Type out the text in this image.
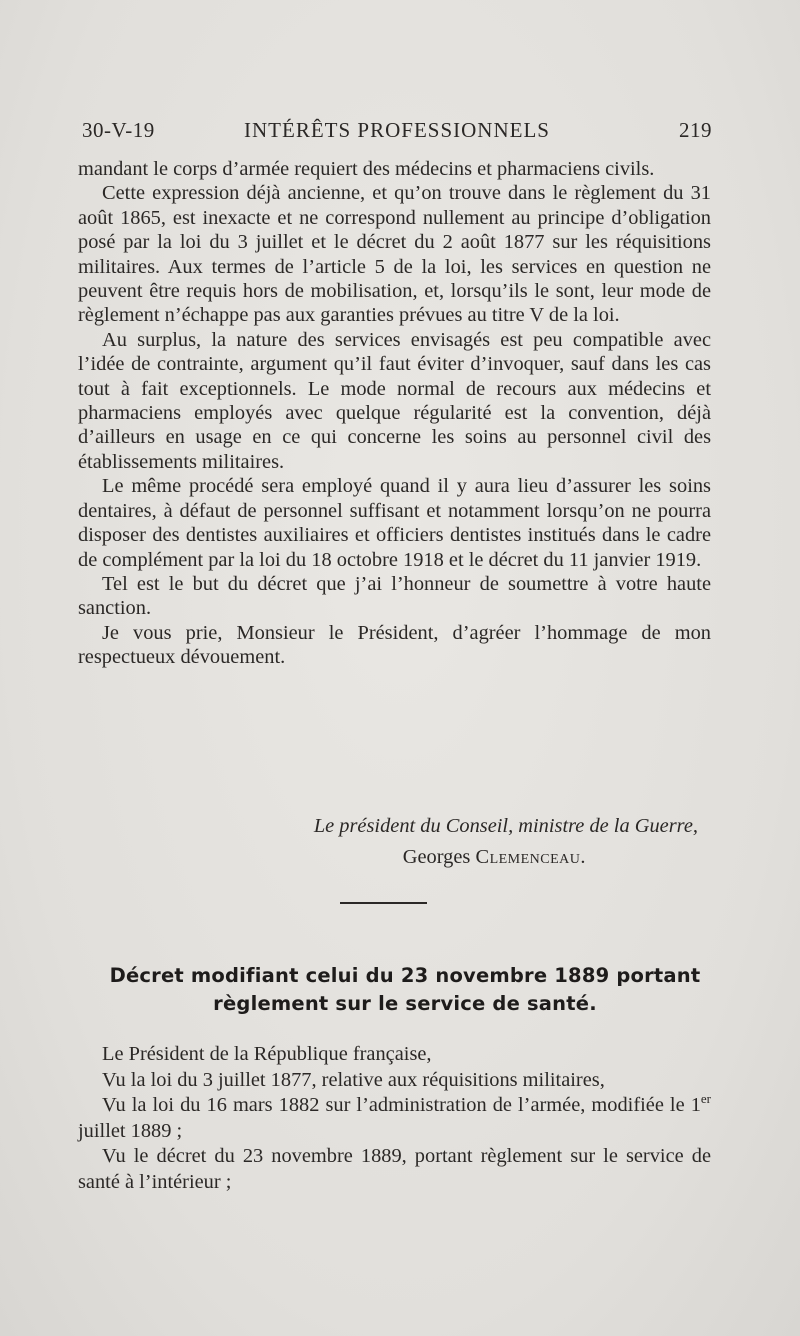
30-V-19	INTÉRÊTS PROFESSIONNELS	219

mandant le corps d’armée requiert des médecins et pharmaciens civils.

Cette expression déjà ancienne, et qu’on trouve dans le règlement du 31 août 1865, est inexacte et ne correspond nullement au principe d’obligation posé par la loi du 3 juillet et le décret du 2 août 1877 sur les réquisitions militaires. Aux termes de l’article 5 de la loi, les services en question ne peuvent être requis hors de mobilisation, et, lorsqu’ils le sont, leur mode de règlement n’échappe pas aux garanties prévues au titre V de la loi.

Au surplus, la nature des services envisagés est peu compatible avec l’idée de contrainte, argument qu’il faut éviter d’invoquer, sauf dans les cas tout à fait exceptionnels. Le mode normal de recours aux médecins et pharmaciens employés avec quelque régularité est la convention, déjà d’ailleurs en usage en ce qui concerne les soins au personnel civil des établissements militaires.

Le même procédé sera employé quand il y aura lieu d’assurer les soins dentaires, à défaut de personnel suffisant et notamment lorsqu’on ne pourra disposer des dentistes auxiliaires et officiers dentistes institués dans le cadre de complément par la loi du 18 octobre 1918 et le décret du 11 janvier 1919.

Tel est le but du décret que j’ai l’honneur de soumettre à votre haute sanction.

Je vous prie, Monsieur le Président, d’agréer l’hommage de mon respectueux dévouement.

Le président du Conseil, ministre de la Guerre,
Georges Clemenceau.
Décret modifiant celui du 23 novembre 1889 portant règlement sur le service de santé.

Le Président de la République française,

Vu la loi du 3 juillet 1877, relative aux réquisitions militaires,

Vu la loi du 16 mars 1882 sur l’administration de l’armée, modifiée le 1er juillet 1889 ;

Vu le décret du 23 novembre 1889, portant règlement sur le service de santé à l’intérieur ;
